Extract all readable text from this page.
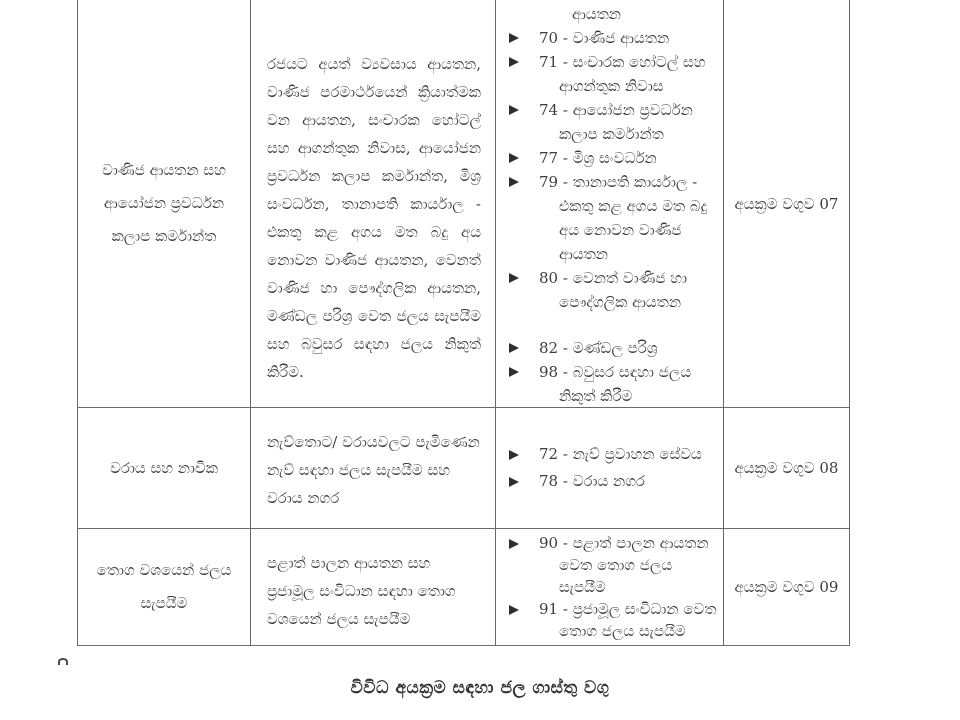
වාණිජ ආයතන සහ ආයෝජන ප්‍රවර්ධන කලාප කර්මාන්ත
රජයට අයත් ව්‍යවසාය ආයතන, වාණිජ පරමාර්ථයෙන් ක්‍රියාත්මක වන ආයතන, සංචාරක හෝටල් සහ ආගන්තුක නිවාස, ආයෝජන ප්‍රවර්ධන කලාප කර්මාන්ත, මිශ්‍ර සංවර්ධන, තානාපති කාර්යාල - එකතු කළ අගය මත බදු අය නොවන වාණිජ ආයතන, වෙනත් වාණිජ හා පෞද්ගලික ආයතන, මණ්ඩල පරිශ්‍ර වෙත ජලය සැපයීම සහ බවුසර සඳහා ජලය නිකුත් කිරීම.
ආයතන
70 - වාණිජ ආයතන
71 - සංචාරක හෝටල් සහ ආගන්තුක නිවාස
74 - ආයෝජන ප්‍රවර්ධන කලාප කර්මාන්ත
77 - මිශ්‍ර සංවර්ධන
79 - තානාපති කාර්යාල - එකතු කළ අගය මත බදු අය නොවන වාණිජ ආයතන
80 - වෙනත් වාණිජ හා පෞද්ගලික ආයතන
82 - මණ්ඩල පරිශ්‍ර
98 - බවුසර සඳහා ජලය නිකුත් කිරීම
අයක්‍රම වගුව 07
වරාය සහ නාවික
නැව්තොට/ වරායවලට පැමිණෙන නැව් සඳහා ජලය සැපයීම සහ වරාය නගර
72 - නැව් ප්‍රවාහන සේවය
78 - වරාය නගර
අයක්‍රම වගුව 08
තොග වශයෙන් ජලය සැපයීම
පළාත් පාලන ආයතන සහ ප්‍රජාමූල සංවිධාන සඳහා තොග වශයෙන් ජලය සැපයීම
90 - පළාත් පාලන ආයතන වෙත තොග ජලය සැපයීම
91 - ප්‍රජාමූල සංවිධාන වෙත තොග ජලය සැපයීම
අයක්‍රම වගුව 09
විවිධ අයක්‍රම සඳහා ජල ගාස්තු වගු
